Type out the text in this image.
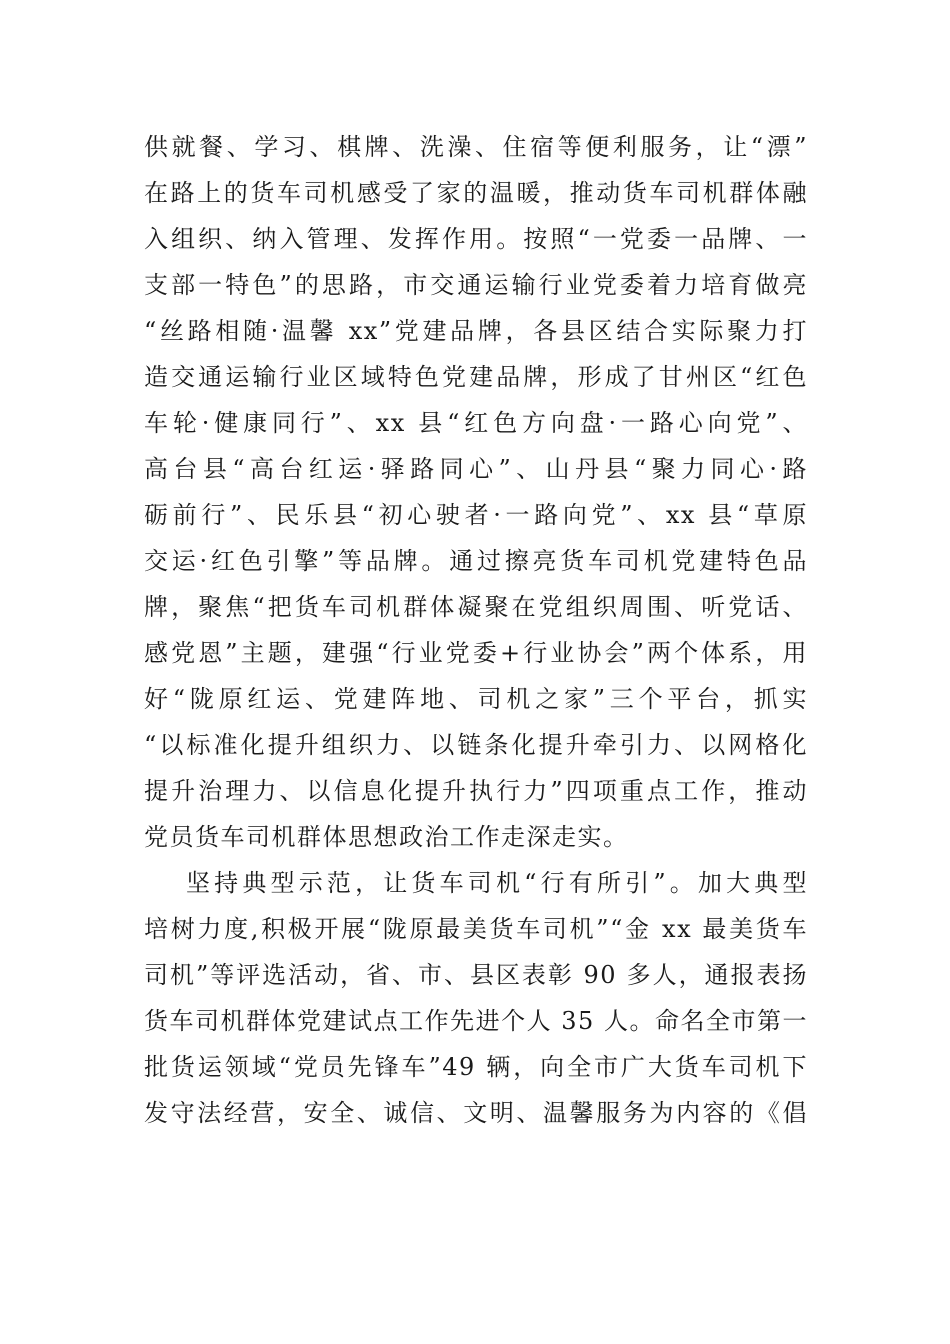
供就餐、学习、棋牌、洗澡、住宿等便利服务，让“漂”
在路上的货车司机感受了家的温暖，推动货车司机群体融
入组织、纳入管理、发挥作用。按照“一党委一品牌、一
支部一特色”的思路，市交通运输行业党委着力培育做亮
“丝路相随·温馨 xx”党建品牌，各县区结合实际聚力打
造交通运输行业区域特色党建品牌，形成了甘州区“红色
车轮·健康同行”、xx 县“红色方向盘·一路心向党”、
高台县“高台红运·驿路同心”、山丹县“聚力同心·路
砺前行”、民乐县“初心驶者·一路向党”、xx 县“草原
交运·红色引擎”等品牌。通过擦亮货车司机党建特色品
牌，聚焦“把货车司机群体凝聚在党组织周围、听党话、
感党恩”主题，建强“行业党委+行业协会”两个体系，用
好“陇原红运、党建阵地、司机之家”三个平台，抓实
“以标准化提升组织力、以链条化提升牵引力、以网格化
提升治理力、以信息化提升执行力”四项重点工作，推动
党员货车司机群体思想政治工作走深走实。
坚持典型示范，让货车司机“行有所引”。加大典型
培树力度,积极开展“陇原最美货车司机”“金 xx 最美货车
司机”等评选活动，省、市、县区表彰 90 多人，通报表扬
货车司机群体党建试点工作先进个人 35 人。命名全市第一
批货运领域“党员先锋车”49 辆，向全市广大货车司机下
发守法经营，安全、诚信、文明、温馨服务为内容的《倡
